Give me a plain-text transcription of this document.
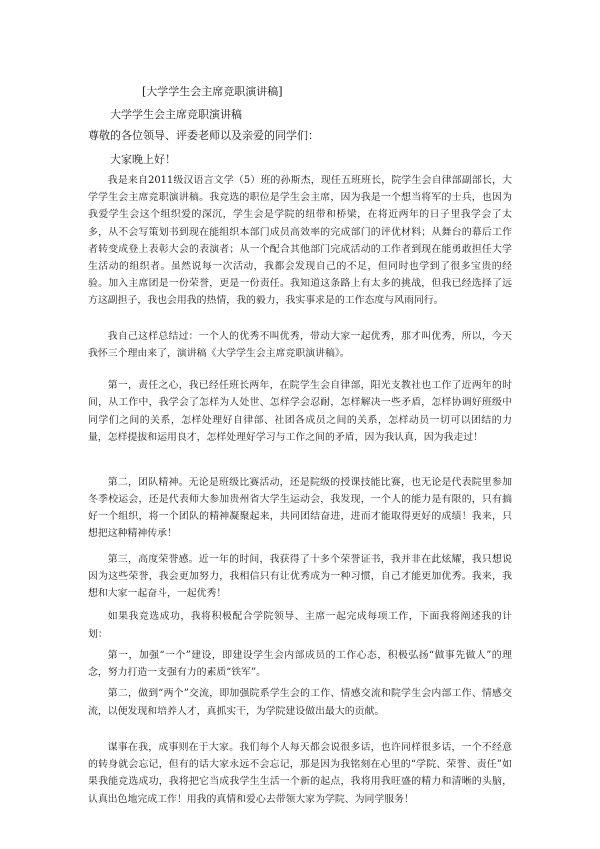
[大学学生会主席竞职演讲稿]
大学学生会主席竞职演讲稿
尊敬的各位领导、评委老师以及亲爱的同学们：
大家晚上好！
我是来自2011级汉语言文学（5）班的孙斯杰，现任五班班长，院学生会自律部副部长，大学学生会主席竞职演讲稿。我竞选的职位是学生会主席，因为我是一个想当将军的士兵，也因为我爱学生会这个组织爱的深沉，学生会是学院的纽带和桥梁，在将近两年的日子里我学会了太多，从不会写策划书到现在能组织本部门成员高效率的完成部门的评优材料；从舞台的幕后工作者转变成登上表彰大会的表演者；从一个配合其他部门完成活动的工作者到现在能勇敢担任大学生活动的组织者。虽然说每一次活动，我都会发现自己的不足，但同时也学到了很多宝贵的经验。加入主席团是一份荣誉，更是一份责任。我知道这条路上有太多的挑战，但我已经选择了远方这副担子，我也会用我的热情，我的毅力，我实事求是的工作态度与风雨同行。
我自己这样总结过：一个人的优秀不叫优秀，带动大家一起优秀，那才叫优秀，所以，今天我怀三个理由来了，演讲稿《大学学生会主席竞职演讲稿》。
第一，责任之心，我已经任班长两年，在院学生会自律部，阳光支教社也工作了近两年的时间，从工作中，我学会了怎样为人处世、怎样学会忍耐，怎样解决一些矛盾，怎样协调好班级中同学们之间的关系，怎样处理好自律部、社团各成员之间的关系，怎样动员一切可以团结的力量，怎样提拔和运用良才，怎样处理好学习与工作之间的矛盾，因为我认真，因为我走过！
第二，团队精神。无论是班级比赛活动，还是院级的授课技能比赛，也无论是代表院里参加冬季校运会，还是代表师大参加贵州省大学生运动会，我发现，一个人的能力是有限的，只有搞好一个组织，将一个团队的精神凝聚起来，共同团结奋进，进而才能取得更好的成绩！我来，只想把这种精神传承！
第三，高度荣誉感。近一年的时间，我获得了十多个荣誉证书，我并非在此炫耀，我只想说因为这些荣誉，我会更加努力，我相信只有让优秀成为一种习惯，自己才能更加优秀。我来，我想和大家一起奋斗，一起优秀！
如果我竞选成功，我将积极配合学院领导、主席一起完成每项工作，下面我将阐述我的计划：
第一，加强“一个”建设，即建设学生会内部成员的工作心态，积极弘扬“做事先做人”的理念，努力打造一支强有力的素质“铁军”。
第二，做到“两个”交流，即加强院系学生会的工作、情感交流和院学生会内部工作、情感交流，以便发现和培养人才，真抓实干，为学院建设做出最大的贡献。
谋事在我，成事则在于大家。我们每个人每天都会说很多话，也许同样很多话，一个不经意的转身就会忘记，但有的话大家永远不会忘记，那是因为我铭刻在心里的“学院、荣誉、责任”如果我能竞选成功，我将把它当成我学生生活一个新的起点，我将用我旺盛的精力和清晰的头脑，认真出色地完成工作！用我的真情和爱心去带领大家为学院、为同学服务！
